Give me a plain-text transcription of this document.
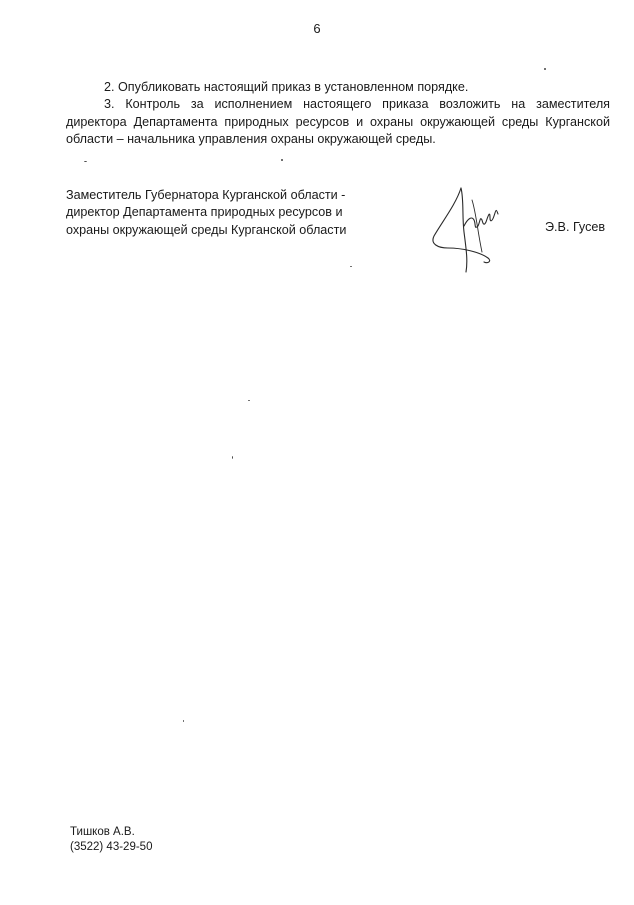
6

2. Опубликовать настоящий приказ в установленном порядке.

3. Контроль за исполнением настоящего приказа возложить на заместителя директора Департамента природных ресурсов и охраны окружающей среды Курганской области – начальника управления охраны окружающей среды.

Заместитель Губернатора Курганской области -
директор Департамента природных ресурсов и
охраны окружающей среды Курганской области	Э.В. Гусев
Тишков А.В.
(3522) 43-29-50
